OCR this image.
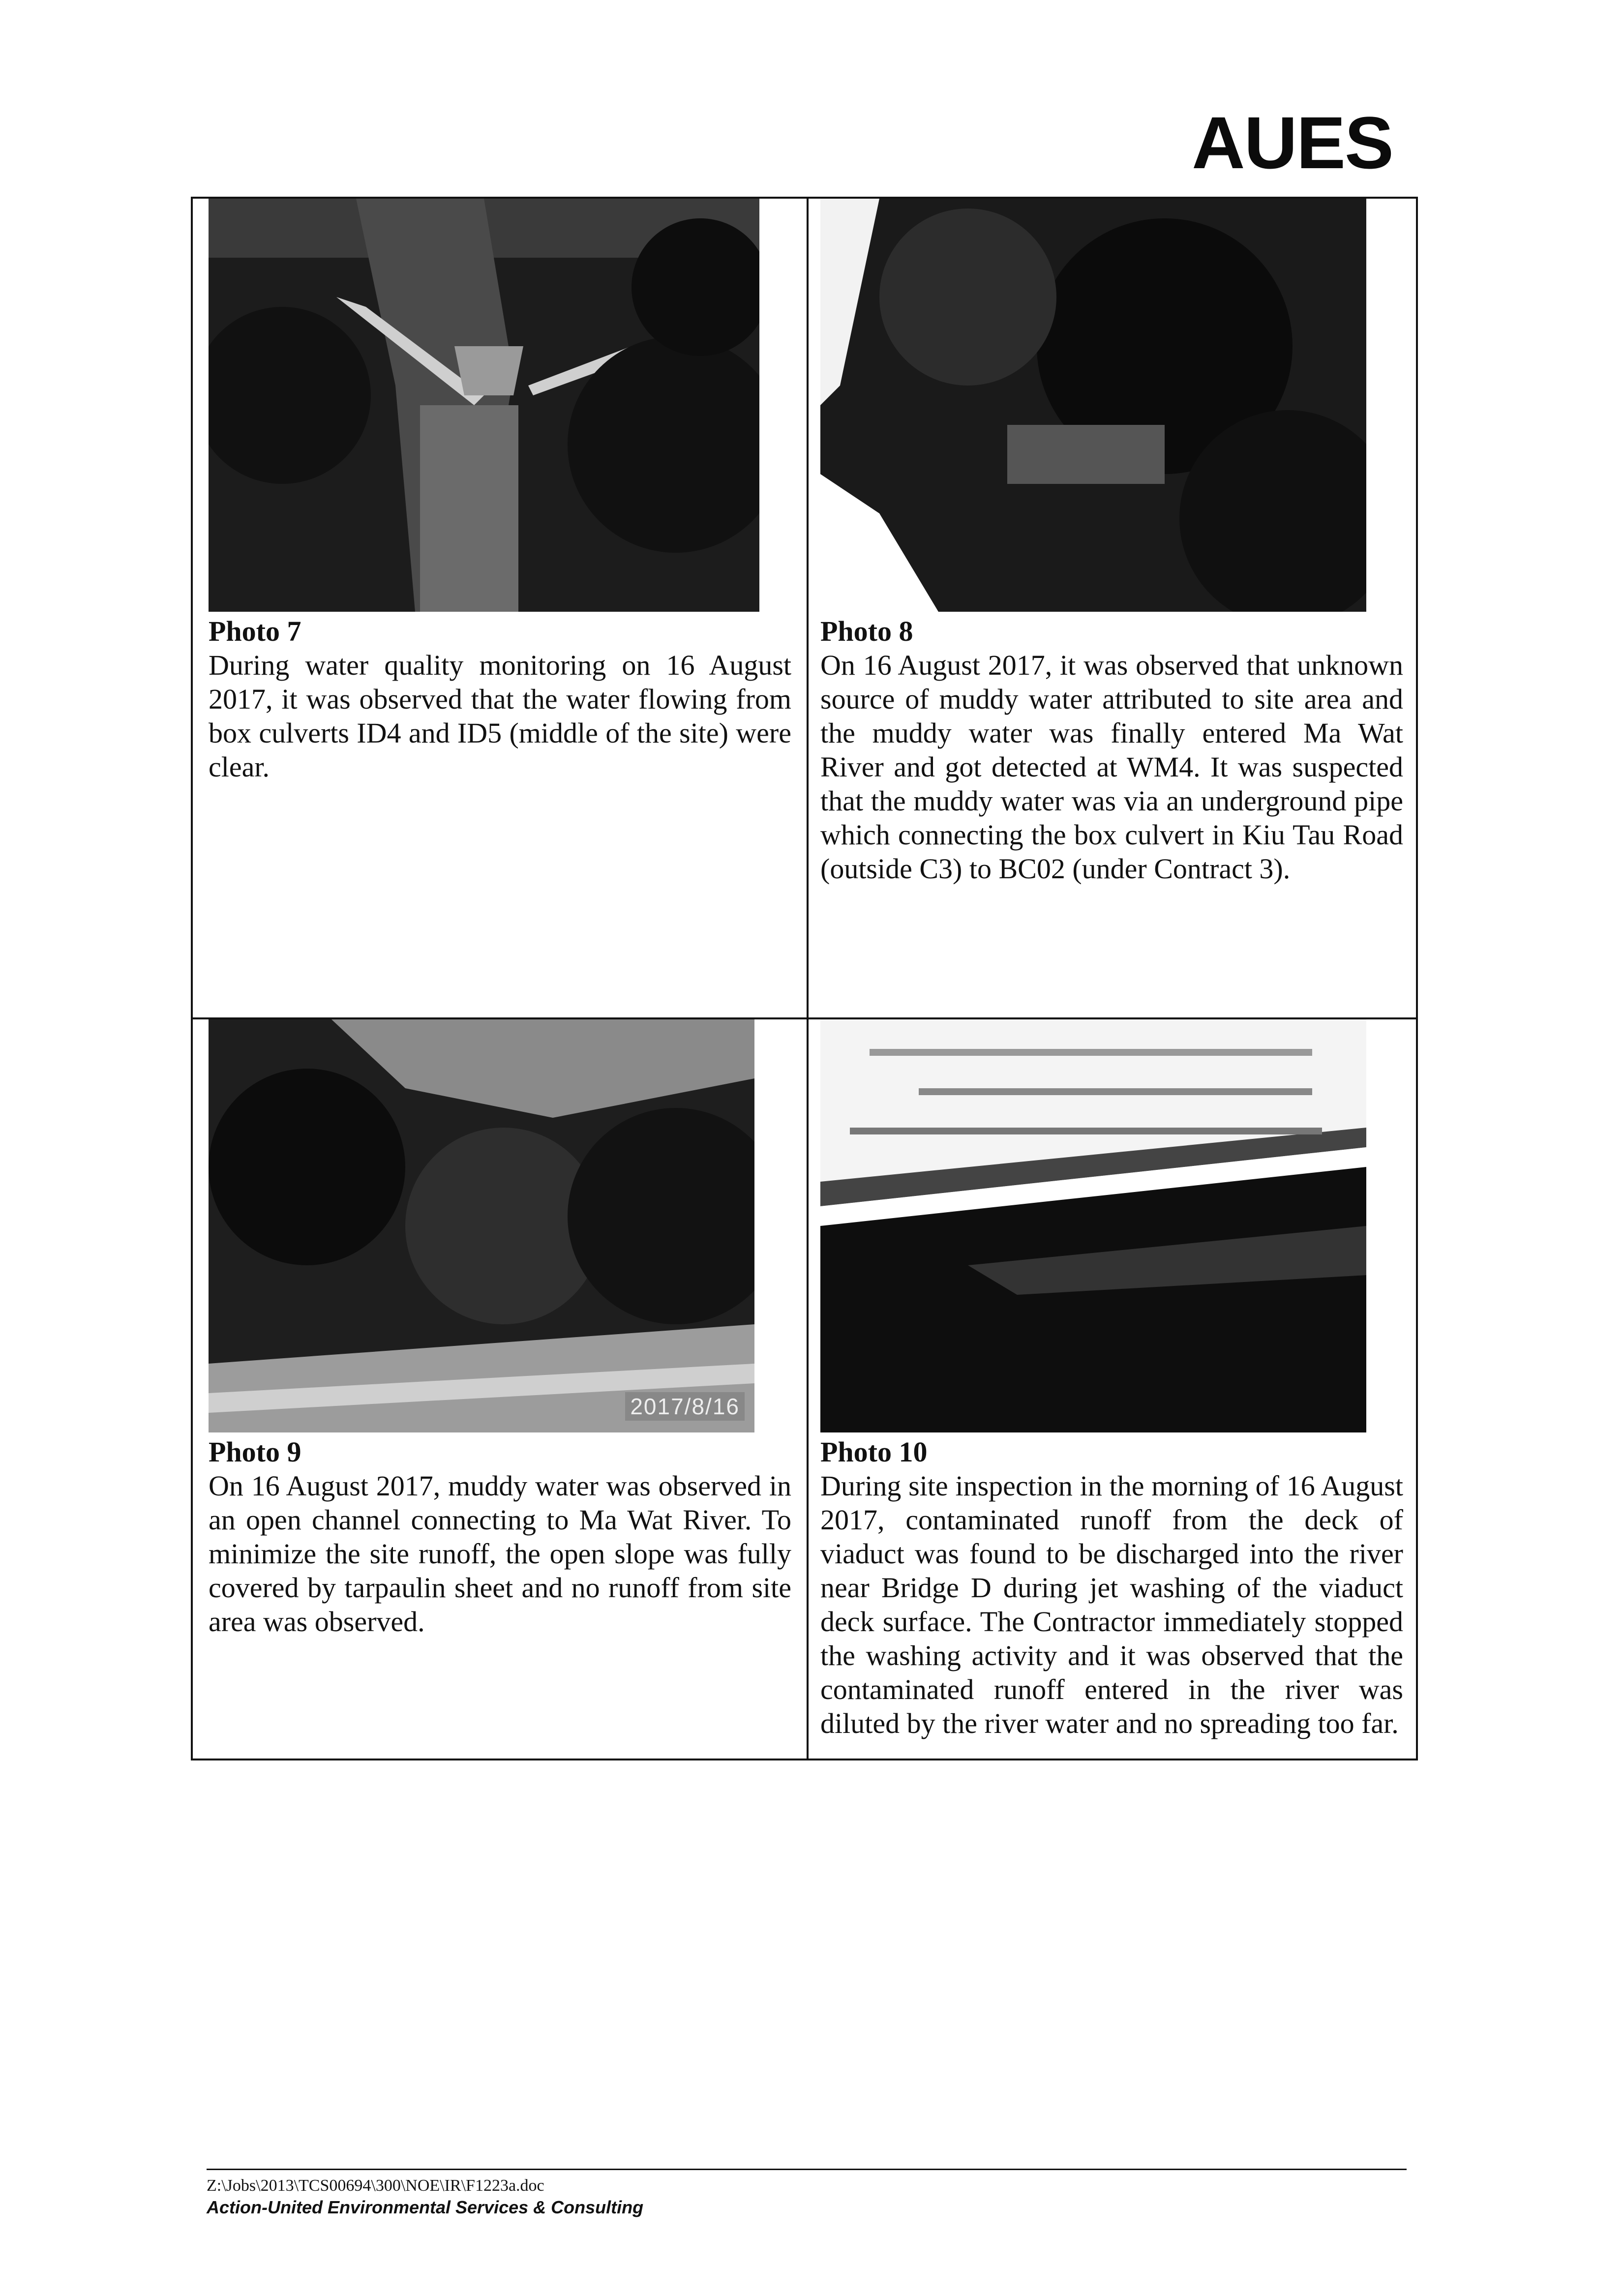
AUES
Photo 7
During water quality monitoring on 16 August 2017, it was observed that the water flowing from box culverts ID4 and ID5 (middle of the site) were clear.
Photo 8
On 16 August 2017, it was observed that unknown source of muddy water attributed to site area and the muddy water was finally entered Ma Wat River and got detected at WM4. It was suspected that the muddy water was via an underground pipe which connecting the box culvert in Kiu Tau Road (outside C3) to BC02 (under Contract 3).
2017/8/16
Photo 9
On 16 August 2017, muddy water was observed in an open channel connecting to Ma Wat River. To minimize the site runoff, the open slope was fully covered by tarpaulin sheet and no runoff from site area was observed.
Photo 10
During site inspection in the morning of 16 August 2017, contaminated runoff from the deck of viaduct was found to be discharged into the river near Bridge D during jet washing of the viaduct deck surface. The Contractor immediately stopped the washing activity and it was observed that the contaminated runoff entered in the river was diluted by the river water and no spreading too far.
Z:\Jobs\2013\TCS00694\300\NOE\IR\F1223a.doc
Action-United Environmental Services & Consulting
